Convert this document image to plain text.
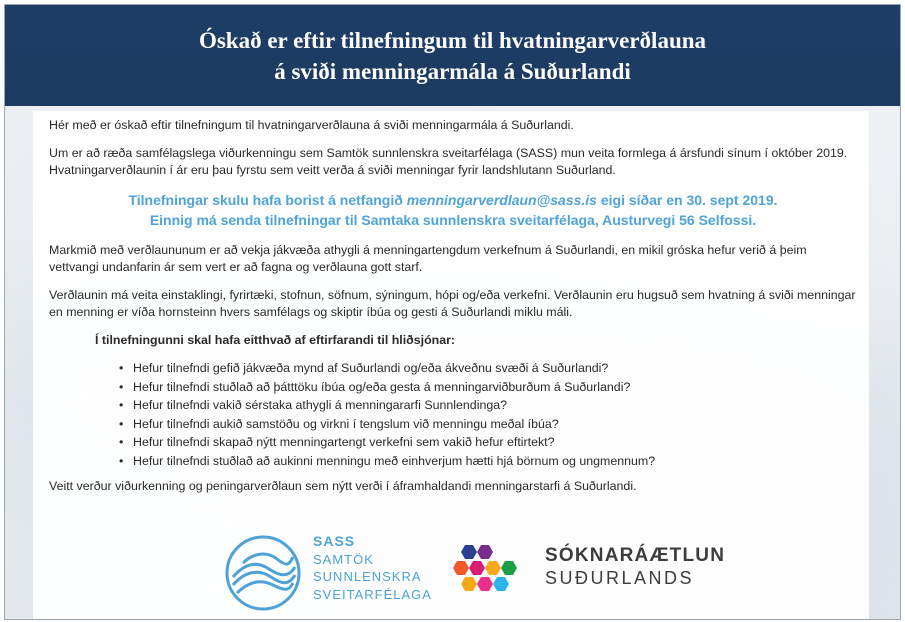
Óskað er eftir tilnefningum til hvatningarverðlauna
á sviði menningarmála á Suðurlandi

Hér með er óskað eftir tilnefningum til hvatningarverðlauna á sviði menningarmála á Suðurlandi.

Um er að ræða samfélagslega viðurkenningu sem Samtök sunnlenskra sveitarfélaga (SASS) mun veita formlega á ársfundi sínum í október 2019. Hvatningarverðlaunin í ár eru þau fyrstu sem veitt verða á sviði menningar fyrir landshlutann Suðurland.

Tilnefningar skulu hafa borist á netfangið menningarverdlaun@sass.is eigi síðar en 30. sept 2019.
Einnig má senda tilnefningar til Samtaka sunnlenskra sveitarfélaga, Austurvegi 56 Selfossi.

Markmið með verðlaununum er að vekja jákvæða athygli á menningartengdum verkefnum á Suðurlandi, en mikil gróska hefur verið á þeim vettvangi undanfarin ár sem vert er að fagna og verðlauna gott starf.

Verðlaunin má veita einstaklingi, fyrirtæki, stofnun, söfnum, sýningum, hópi og/eða verkefni. Verðlaunin eru hugsuð sem hvatning á sviði menningar en menning er víða hornsteinn hvers samfélags og skiptir íbúa og gesti á Suðurlandi miklu máli.

Í tilnefningunni skal hafa eitthvað af eftirfarandi til hliðsjónar:

• Hefur tilnefndi gefið jákvæða mynd af Suðurlandi og/eða ákveðnu svæði á Suðurlandi?
• Hefur tilnefndi stuðlað að þátttöku íbúa og/eða gesta á menningarviðburðum á Suðurlandi?
• Hefur tilnefndi vakið sérstaka athygli á menningararfi Sunnlendinga?
• Hefur tilnefndi aukið samstöðu og virkni í tengslum við menningu meðal íbúa?
• Hefur tilnefndi skapað nýtt menningartengt verkefni sem vakið hefur eftirtekt?
• Hefur tilnefndi stuðlað að aukinni menningu með einhverjum hætti hjá börnum og ungmennum?

Veitt verður viðurkenning og peningarverðlaun sem nýtt verði í áframhaldandi menningarstarfi á Suðurlandi.

SASS
SAMTÖK
SUNNLENSKRA
SVEITARFÉLAGA
SÓKNARÁÆTLUN
SUÐURLANDS
